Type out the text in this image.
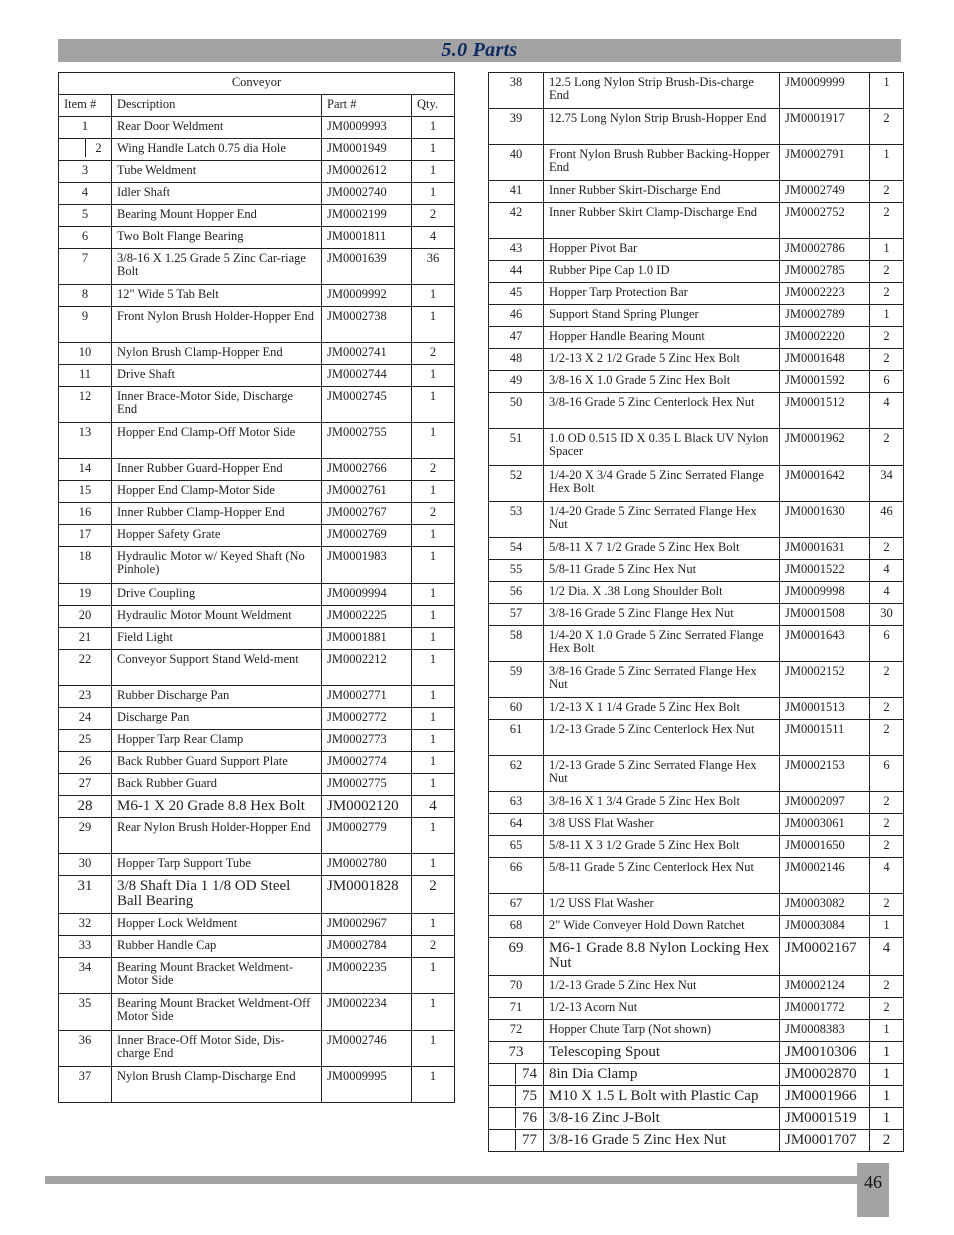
5.0 Parts
Conveyor			
Item #	Description	Part #	Qty.
1	Rear Door Weldment	JM0009993	1

2	Wing Handle Latch 0.75 dia Hole	JM0001949	1
3	Tube Weldment	JM0002612	1
4	Idler Shaft	JM0002740	1
5	Bearing Mount Hopper End	JM0002199	2
6	Two Bolt Flange Bearing	JM0001811	4
7	3/8-16 X 1.25 Grade 5 Zinc Car-riage Bolt	JM0001639	36
8	12" Wide 5 Tab Belt	JM0009992	1
9	Front Nylon Brush Holder-Hopper End	JM0002738	1
10	Nylon Brush Clamp-Hopper End	JM0002741	2
11	Drive Shaft	JM0002744	1
12	Inner Brace-Motor Side, Discharge End	JM0002745	1
13	Hopper End Clamp-Off Motor Side	JM0002755	1
14	Inner Rubber Guard-Hopper End	JM0002766	2
15	Hopper End Clamp-Motor Side	JM0002761	1
16	Inner Rubber Clamp-Hopper End	JM0002767	2
17	Hopper Safety Grate	JM0002769	1
18	Hydraulic Motor w/ Keyed Shaft (No Pinhole)	JM0001983	1
19	Drive Coupling	JM0009994	1
20	Hydraulic Motor Mount Weldment	JM0002225	1
21	Field Light	JM0001881	1
22	Conveyor Support Stand Weld-ment	JM0002212	1
23	Rubber Discharge Pan	JM0002771	1
24	Discharge Pan	JM0002772	1
25	Hopper Tarp Rear Clamp	JM0002773	1
26	Back Rubber Guard Support Plate	JM0002774	1
27	Back Rubber Guard	JM0002775	1
28	M6-1 X 20 Grade 8.8 Hex Bolt	JM0002120	4
29	Rear Nylon Brush Holder-Hopper End	JM0002779	1
30	Hopper Tarp Support Tube	JM0002780	1
31	3/8 Shaft Dia 1 1/8 OD Steel Ball Bearing	JM0001828	2
32	Hopper Lock Weldment	JM0002967	1
33	Rubber Handle Cap	JM0002784	2
34	Bearing Mount Bracket Weldment-Motor Side	JM0002235	1
35	Bearing Mount Bracket Weldment-Off Motor Side	JM0002234	1
36	Inner Brace-Off Motor Side, Dis-charge End	JM0002746	1
37	Nylon Brush Clamp-Discharge End	JM0009995	1
38	12.5 Long Nylon Strip Brush-Dis-charge End	JM0009999	1
39	12.75 Long Nylon Strip Brush-Hopper End	JM0001917	2
40	Front Nylon Brush Rubber Backing-Hopper End	JM0002791	1
41	Inner Rubber Skirt-Discharge End	JM0002749	2
42	Inner Rubber Skirt Clamp-Discharge End	JM0002752	2
43	Hopper Pivot Bar	JM0002786	1
44	Rubber Pipe Cap 1.0 ID	JM0002785	2
45	Hopper Tarp Protection Bar	JM0002223	2
46	Support Stand Spring Plunger	JM0002789	1
47	Hopper Handle Bearing Mount	JM0002220	2
48	1/2-13 X 2 1/2 Grade 5 Zinc Hex Bolt	JM0001648	2
49	3/8-16 X 1.0 Grade 5 Zinc Hex Bolt	JM0001592	6
50	3/8-16 Grade 5 Zinc Centerlock Hex Nut	JM0001512	4
51	1.0 OD 0.515 ID X 0.35 L Black UV Nylon Spacer	JM0001962	2
52	1/4-20 X 3/4 Grade 5 Zinc Serrated Flange Hex Bolt	JM0001642	34
53	1/4-20 Grade 5 Zinc Serrated Flange Hex Nut	JM0001630	46
54	5/8-11 X 7 1/2 Grade 5 Zinc Hex Bolt	JM0001631	2
55	5/8-11 Grade 5 Zinc Hex Nut	JM0001522	4
56	1/2 Dia. X .38 Long Shoulder Bolt	JM0009998	4
57	3/8-16 Grade 5 Zinc Flange Hex Nut	JM0001508	30
58	1/4-20 X 1.0 Grade 5 Zinc Serrated Flange Hex Bolt	JM0001643	6
59	3/8-16 Grade 5 Zinc Serrated Flange Hex Nut	JM0002152	2
60	1/2-13 X 1 1/4 Grade 5 Zinc Hex Bolt	JM0001513	2
61	1/2-13 Grade 5 Zinc Centerlock Hex Nut	JM0001511	2
62	1/2-13 Grade 5 Zinc Serrated Flange Hex Nut	JM0002153	6
63	3/8-16 X 1 3/4 Grade 5 Zinc Hex Bolt	JM0002097	2
64	3/8 USS Flat Washer	JM0003061	2
65	5/8-11 X 3 1/2 Grade 5 Zinc Hex Bolt	JM0001650	2
66	5/8-11 Grade 5 Zinc Centerlock Hex Nut	JM0002146	4
67	1/2 USS Flat Washer	JM0003082	2
68	2" Wide Conveyer Hold Down Ratchet	JM0003084	1
69	M6-1 Grade 8.8 Nylon Locking Hex Nut	JM0002167	4
70	1/2-13 Grade 5 Zinc Hex Nut	JM0002124	2
71	1/2-13 Acorn Nut	JM0001772	2
72	Hopper Chute Tarp (Not shown)	JM0008383	1
73	Telescoping Spout	JM0010306	1

74	8in Dia Clamp	JM0002870	1

75	M10 X 1.5 L Bolt with Plastic Cap	JM0001966	1

76	3/8-16 Zinc J-Bolt	JM0001519	1

77	3/8-16 Grade 5 Zinc Hex Nut	JM0001707	2
46
